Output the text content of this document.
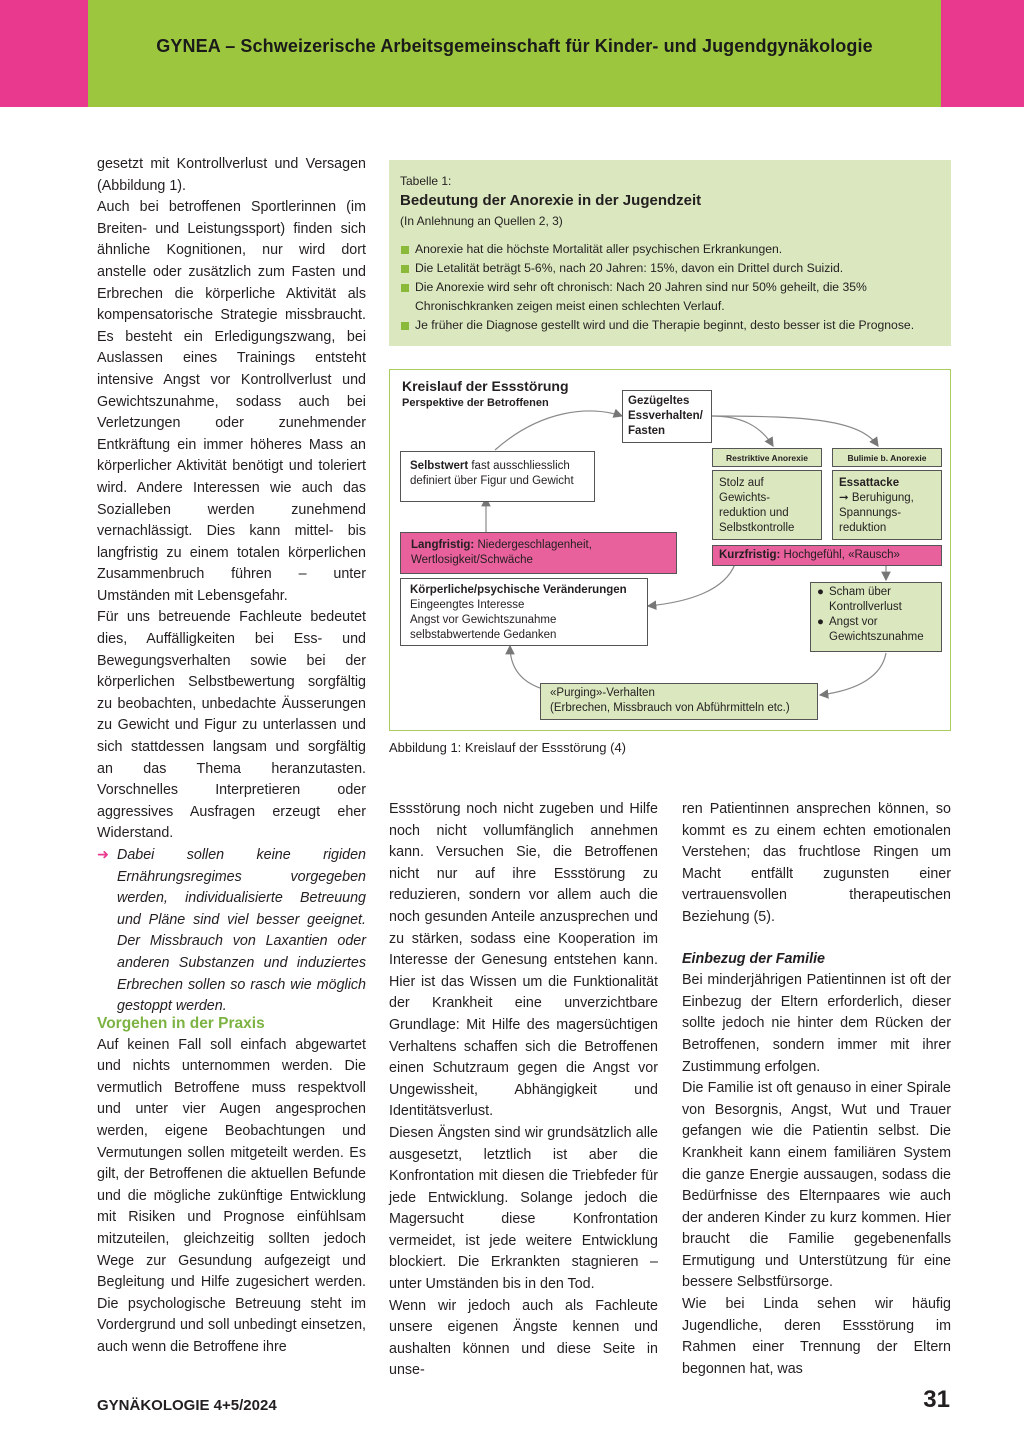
GYNEA – Schweizerische Arbeitsgemeinschaft für Kinder- und Jugendgynäkologie

gesetzt mit Kontrollverlust und Versagen (Abbildung 1).

Auch bei betroffenen Sportlerinnen (im Breiten- und Leistungssport) finden sich ähnliche Kognitionen, nur wird dort anstelle oder zusätzlich zum Fasten und Erbrechen die körperliche Aktivität als kompensatorische Strategie missbraucht. Es besteht ein Erledigungszwang, bei Auslassen eines Trainings entsteht intensive Angst vor Kontrollverlust und Gewichtszunahme, sodass auch bei Verletzungen oder zunehmender Entkräftung ein immer höheres Mass an körperlicher Aktivität benötigt und toleriert wird. Andere Interessen wie auch das Sozialleben werden zunehmend vernachlässigt. Dies kann mittel- bis langfristig zu einem totalen körperlichen Zusammenbruch führen – unter Umständen mit Lebensgefahr.

Für uns betreuende Fachleute bedeutet dies, Auffälligkeiten bei Ess- und Bewegungsverhalten sowie bei der körperlichen Selbstbewertung sorgfältig zu beobachten, unbedachte Äusserungen zu Gewicht und Figur zu unterlassen und sich stattdessen langsam und sorgfältig an das Thema heranzutasten. Vorschnelles Interpretieren oder aggressives Ausfragen erzeugt eher Widerstand.

➜ Dabei sollen keine rigiden Ernährungsregimes vorgegeben werden, individualisierte Betreuung und Pläne sind viel besser geeignet. Der Missbrauch von Laxantien oder anderen Substanzen und induziertes Erbrechen sollen so rasch wie möglich gestoppt werden.

Vorgehen in der Praxis

Auf keinen Fall soll einfach abgewartet und nichts unternommen werden. Die vermutlich Betroffene muss respektvoll und unter vier Augen angesprochen werden, eigene Beobachtungen und Vermutungen sollen mitgeteilt werden. Es gilt, der Betroffenen die aktuellen Befunde und die mögliche zukünftige Entwicklung mit Risiken und Prognose einfühlsam mitzuteilen, gleichzeitig sollten jedoch Wege zur Gesundung aufgezeigt und Begleitung und Hilfe zugesichert werden. Die psychologische Betreuung steht im Vordergrund und soll unbedingt einsetzen, auch wenn die Betroffene ihre

Tabelle 1:
Bedeutung der Anorexie in der Jugendzeit
(In Anlehnung an Quellen 2, 3)
Anorexie hat die höchste Mortalität aller psychischen Erkrankungen.
Die Letalität beträgt 5-6%, nach 20 Jahren: 15%, davon ein Drittel durch Suizid.
Die Anorexie wird sehr oft chronisch: Nach 20 Jahren sind nur 50% geheilt, die 35% Chronischkranken zeigen meist einen schlechten Verlauf.
Je früher die Diagnose gestellt wird und die Therapie beginnt, desto besser ist die Prognose.
Kreislauf der Essstörung
Perspektive der Betroffenen	Gezügeltes Essverhalten/ Fasten
Selbstwert fast ausschliesslich definiert über Figur und Gewicht
Restriktive Anorexie	Bulimie b. Anorexie
Stolz auf Gewichts-reduktion und Selbstkontrolle
Essattacke
➞ Beruhigung, Spannungs-reduktion
Langfristig: Niedergeschlagenheit, Wertlosigkeit/Schwäche	Kurzfristig: Hochgefühl, «Rausch»
Körperliche/psychische Veränderungen
Eingeengtes Interesse
Angst vor Gewichtszunahme
selbstabwertende Gedanken
● Scham über Kontrollverlust
● Angst vor Gewichtszunahme
«Purging»-Verhalten
(Erbrechen, Missbrauch von Abführmitteln etc.)
Abbildung 1: Kreislauf der Essstörung (4)

Essstörung noch nicht zugeben und Hilfe noch nicht vollumfänglich annehmen kann. Versuchen Sie, die Betroffenen nicht nur auf ihre Essstörung zu reduzieren, sondern vor allem auch die noch gesunden Anteile anzusprechen und zu stärken, sodass eine Kooperation im Interesse der Genesung entstehen kann. Hier ist das Wissen um die Funktionalität der Krankheit eine unverzichtbare Grundlage: Mit Hilfe des magersüchtigen Verhaltens schaffen sich die Betroffenen einen Schutzraum gegen die Angst vor Ungewissheit, Abhängigkeit und Identitätsverlust.

Diesen Ängsten sind wir grundsätzlich alle ausgesetzt, letztlich ist aber die Konfrontation mit diesen die Triebfeder für jede Entwicklung. Solange jedoch die Magersucht diese Konfrontation vermeidet, ist jede weitere Entwicklung blockiert. Die Erkrankten stagnieren – unter Umständen bis in den Tod.

Wenn wir jedoch auch als Fachleute unsere eigenen Ängste kennen und aushalten können und diese Seite in unse-

ren Patientinnen ansprechen können, so kommt es zu einem echten emotionalen Verstehen; das fruchtlose Ringen um Macht entfällt zugunsten einer vertrauensvollen therapeutischen Beziehung (5).

Einbezug der Familie

Bei minderjährigen Patientinnen ist oft der Einbezug der Eltern erforderlich, dieser sollte jedoch nie hinter dem Rücken der Betroffenen, sondern immer mit ihrer Zustimmung erfolgen.

Die Familie ist oft genauso in einer Spirale von Besorgnis, Angst, Wut und Trauer gefangen wie die Patientin selbst. Die Krankheit kann einem familiären System die ganze Energie aussaugen, sodass die Bedürfnisse des Elternpaares wie auch der anderen Kinder zu kurz kommen. Hier braucht die Familie gegebenenfalls Ermutigung und Unterstützung für eine bessere Selbstfürsorge.

Wie bei Linda sehen wir häufig Jugendliche, deren Essstörung im Rahmen einer Trennung der Eltern begonnen hat, was

GYNÄKOLOGIE 4+5/2024	31
